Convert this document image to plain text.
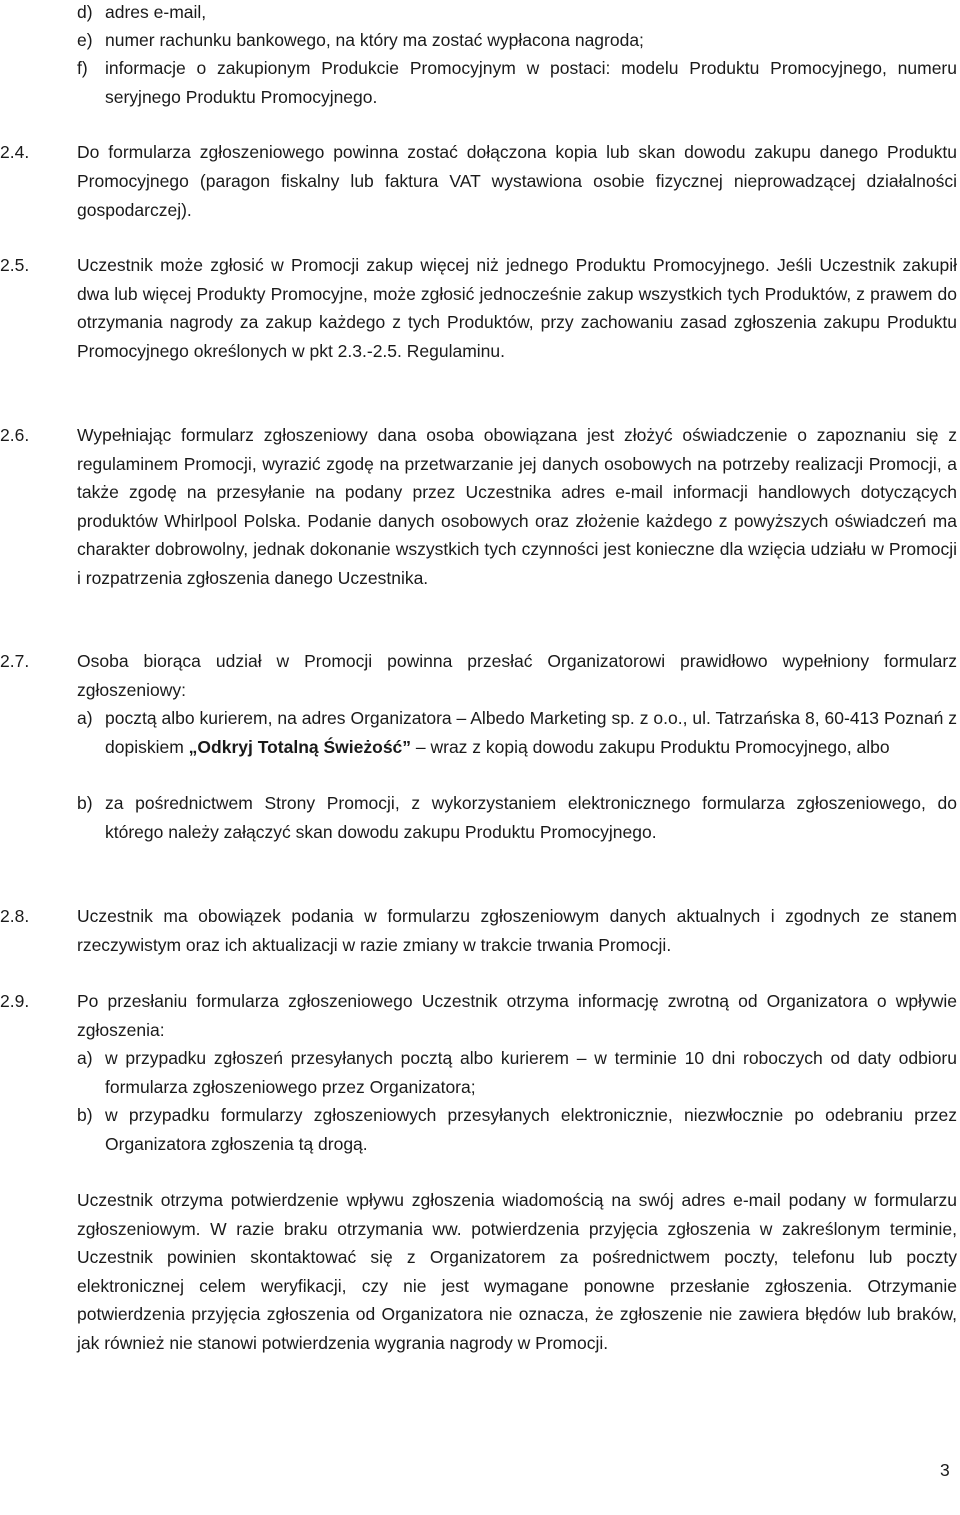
d) adres e-mail,

e) numer rachunku bankowego, na który ma zostać wypłacona nagroda;

f) informacje o zakupionym Produkcie Promocyjnym w postaci: modelu Produktu Promocyjnego, numeru seryjnego Produktu Promocyjnego.

2.4.	Do formularza zgłoszeniowego powinna zostać dołączona kopia lub skan dowodu zakupu danego Produktu Promocyjnego (paragon fiskalny lub faktura VAT wystawiona osobie fizycznej nieprowadzącej działalności gospodarczej).

2.5.	Uczestnik może zgłosić w Promocji zakup więcej niż jednego Produktu Promocyjnego. Jeśli Uczestnik zakupił dwa lub więcej Produkty Promocyjne, może zgłosić jednocześnie zakup wszystkich tych Produktów, z prawem do otrzymania nagrody za zakup każdego z tych Produktów, przy zachowaniu zasad zgłoszenia zakupu Produktu Promocyjnego określonych w pkt 2.3.-2.5. Regulaminu.

2.6.	Wypełniając formularz zgłoszeniowy dana osoba obowiązana jest złożyć oświadczenie o zapoznaniu się z regulaminem Promocji, wyrazić zgodę na przetwarzanie jej danych osobowych na potrzeby realizacji Promocji, a także zgodę na przesyłanie na podany przez Uczestnika adres e-mail informacji handlowych dotyczących produktów Whirlpool Polska. Podanie danych osobowych oraz złożenie każdego z powyższych oświadczeń ma charakter dobrowolny, jednak dokonanie wszystkich tych czynności jest konieczne dla wzięcia udziału w Promocji i rozpatrzenia zgłoszenia danego Uczestnika.

2.7.	Osoba biorąca udział w Promocji powinna przesłać Organizatorowi prawidłowo wypełniony formularz zgłoszeniowy:

a) pocztą albo kurierem, na adres Organizatora – Albedo Marketing sp. z o.o., ul. Tatrzańska 8, 60-413 Poznań z dopiskiem „Odkryj Totalną Świeżość” – wraz z kopią dowodu zakupu Produktu Promocyjnego, albo

b) za pośrednictwem Strony Promocji, z wykorzystaniem elektronicznego formularza zgłoszeniowego, do którego należy załączyć skan dowodu zakupu Produktu Promocyjnego.

2.8.	Uczestnik ma obowiązek podania w formularzu zgłoszeniowym danych aktualnych i zgodnych ze stanem rzeczywistym oraz ich aktualizacji w razie zmiany w trakcie trwania Promocji.

2.9.	Po przesłaniu formularza zgłoszeniowego Uczestnik otrzyma informację zwrotną od Organizatora o wpływie zgłoszenia:

a) w przypadku zgłoszeń przesyłanych pocztą albo kurierem – w terminie 10 dni roboczych od daty odbioru formularza zgłoszeniowego przez Organizatora;

b) w przypadku formularzy zgłoszeniowych przesyłanych elektronicznie, niezwłocznie po odebraniu przez Organizatora zgłoszenia tą drogą.

Uczestnik otrzyma potwierdzenie wpływu zgłoszenia wiadomością na swój adres e-mail podany w formularzu zgłoszeniowym. W razie braku otrzymania ww. potwierdzenia przyjęcia zgłoszenia w zakreślonym terminie, Uczestnik powinien skontaktować się z Organizatorem za pośrednictwem poczty, telefonu lub poczty elektronicznej celem weryfikacji, czy nie jest wymagane ponowne przesłanie zgłoszenia. Otrzymanie potwierdzenia przyjęcia zgłoszenia od Organizatora nie oznacza, że zgłoszenie nie zawiera błędów lub braków, jak również nie stanowi potwierdzenia wygrania nagrody w Promocji.

3
